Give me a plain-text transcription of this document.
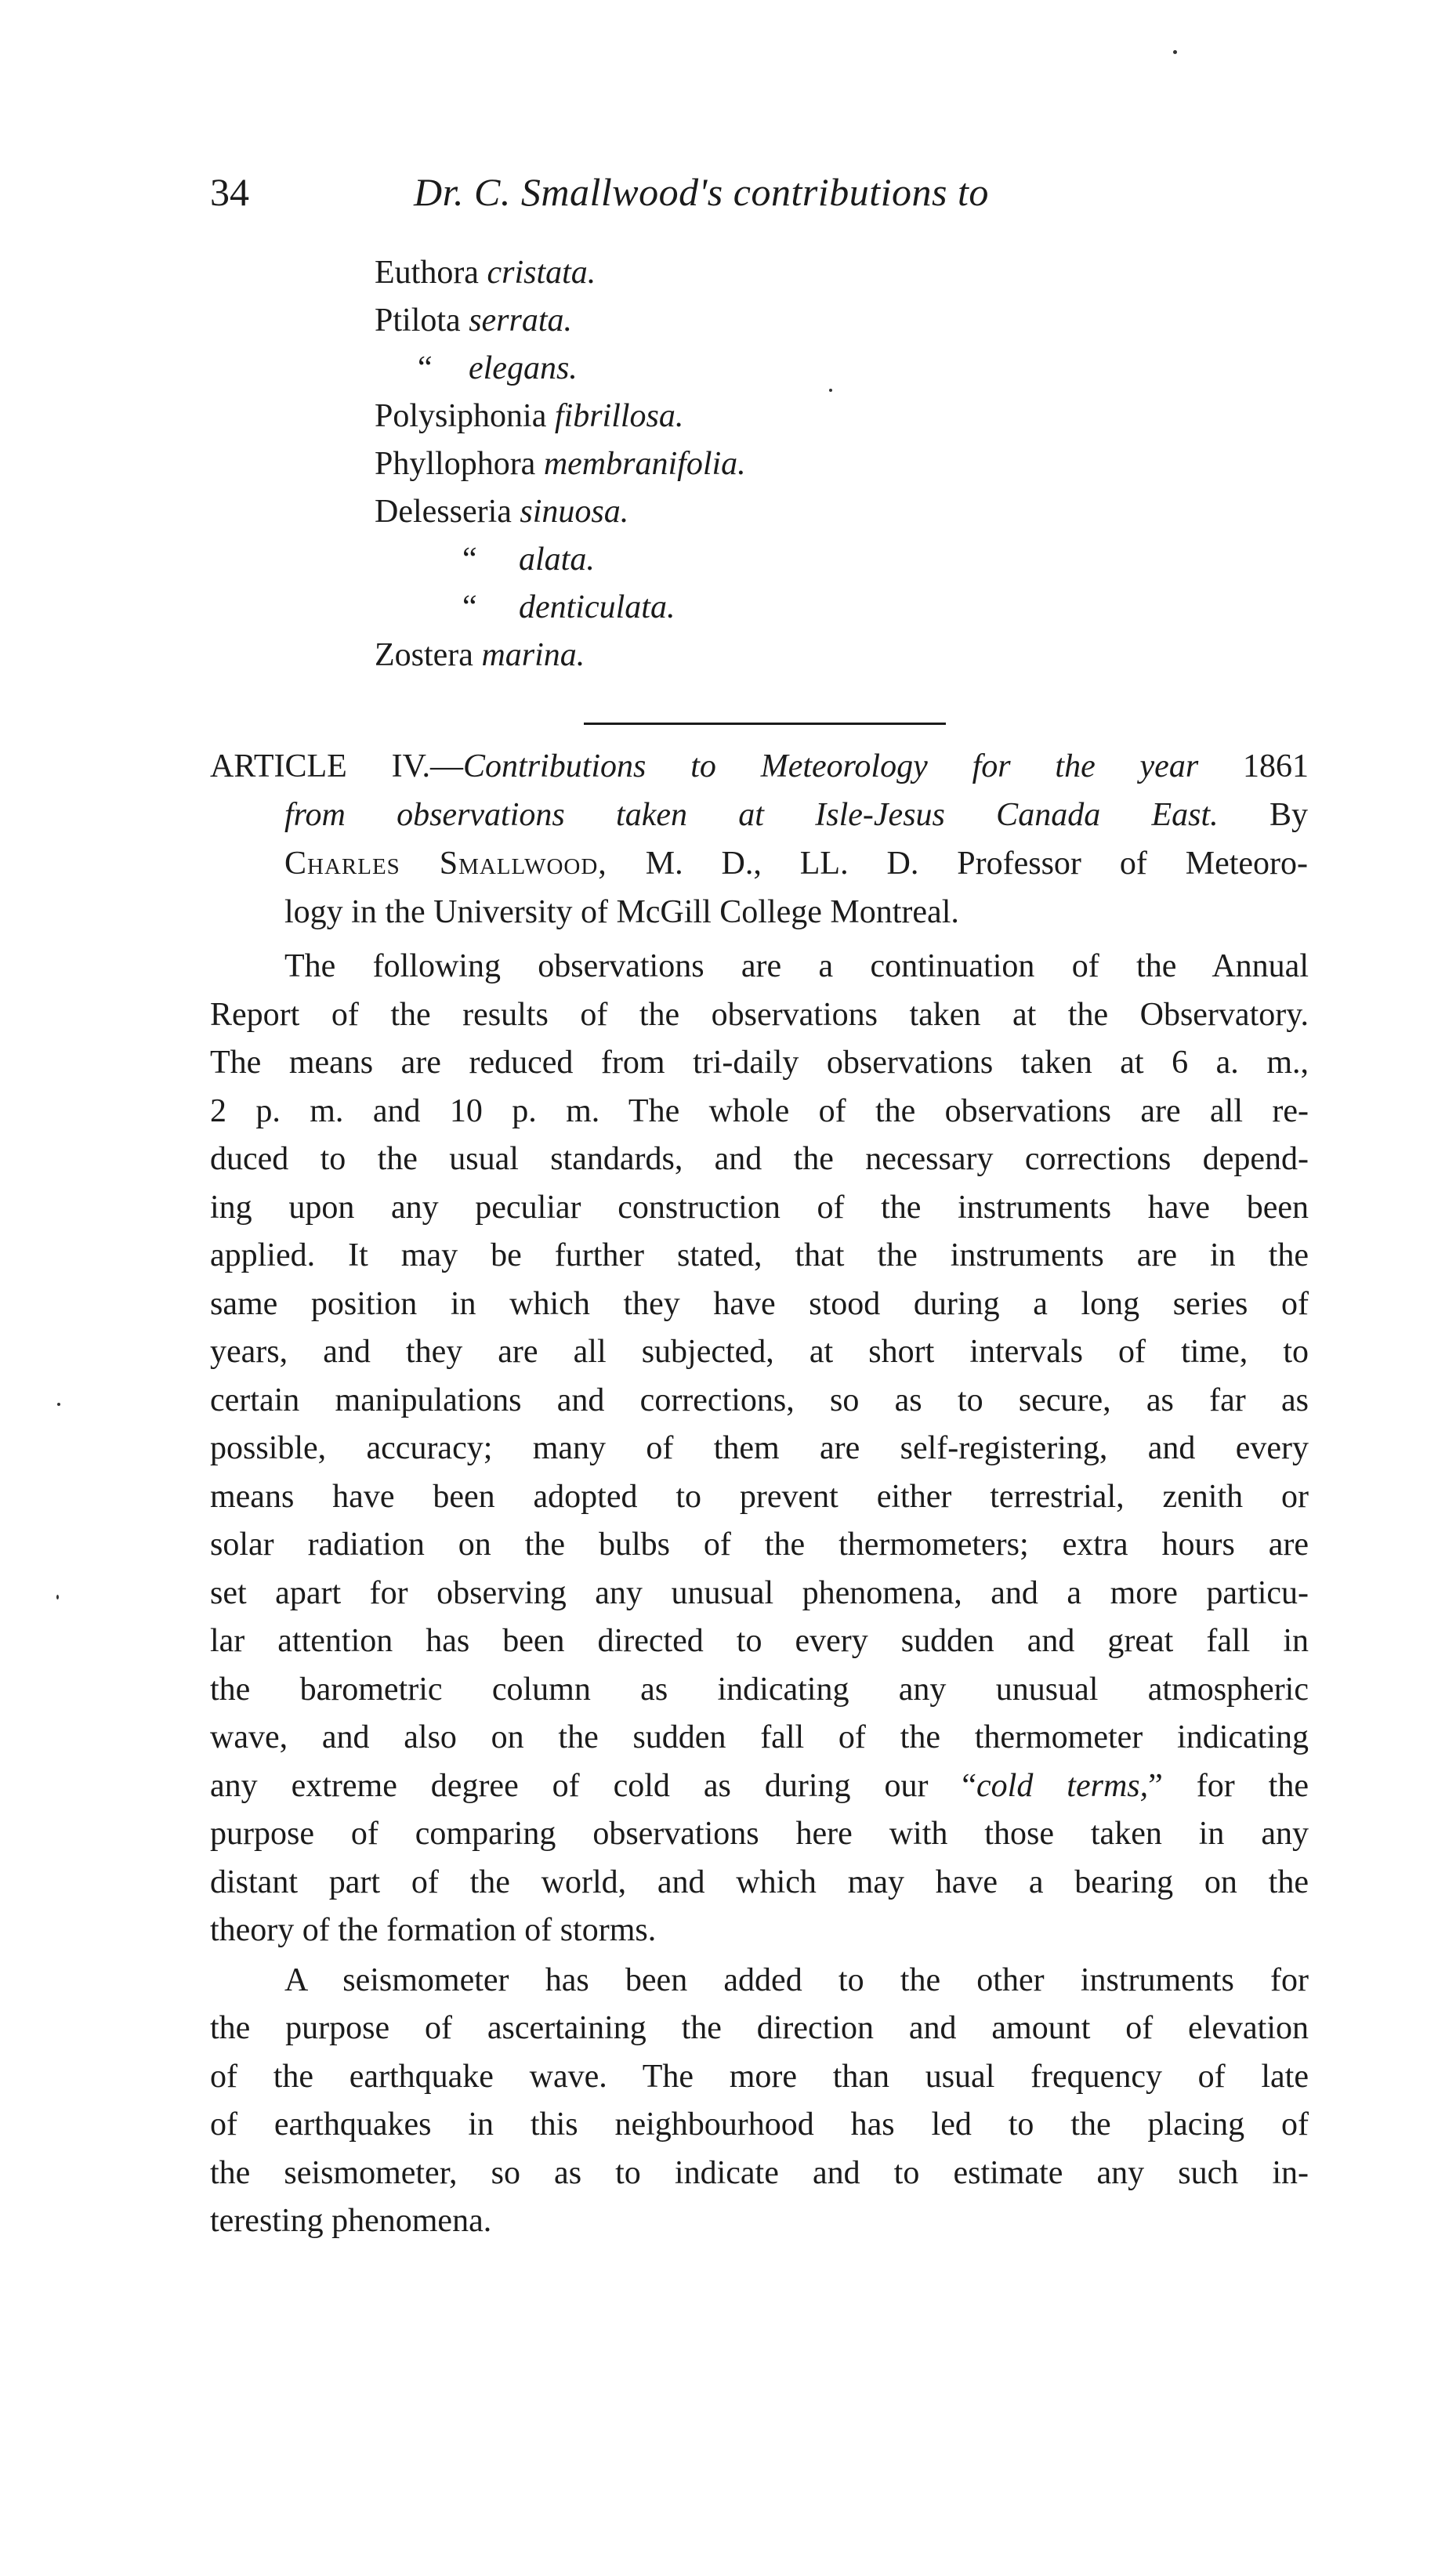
34	Dr. C. Smallwood's contributions to
Euthora cristata.
Ptilota serrata.
“ elegans.
Polysiphonia fibrillosa.
Phyllophora membranifolia.
Delesseria sinuosa.
“ alata.
“ denticulata.
Zostera marina.
ARTICLE IV.—Contributions to Meteorology for the year 1861
from observations taken at Isle-Jesus Canada East. By
Charles Smallwood, M. D., LL. D. Professor of Meteoro-
logy in the University of McGill College Montreal.
The following observations are a continuation of the Annual
Report of the results of the observations taken at the Observatory.
The means are reduced from tri-daily observations taken at 6 a. m.,
2 p. m. and 10 p. m. The whole of the observations are all re-
duced to the usual standards, and the necessary corrections depend-
ing upon any peculiar construction of the instruments have been
applied. It may be further stated, that the instruments are in the
same position in which they have stood during a long series of
years, and they are all subjected, at short intervals of time, to
certain manipulations and corrections, so as to secure, as far as
possible, accuracy; many of them are self-registering, and every
means have been adopted to prevent either terrestrial, zenith or
solar radiation on the bulbs of the thermometers; extra hours are
set apart for observing any unusual phenomena, and a more particu-
lar attention has been directed to every sudden and great fall in
the barometric column as indicating any unusual atmospheric
wave, and also on the sudden fall of the thermometer indicating
any extreme degree of cold as during our “cold terms,” for the
purpose of comparing observations here with those taken in any
distant part of the world, and which may have a bearing on the
theory of the formation of storms.
A seismometer has been added to the other instruments for
the purpose of ascertaining the direction and amount of elevation
of the earthquake wave. The more than usual frequency of late
of earthquakes in this neighbourhood has led to the placing of
the seismometer, so as to indicate and to estimate any such in-
teresting phenomena.
